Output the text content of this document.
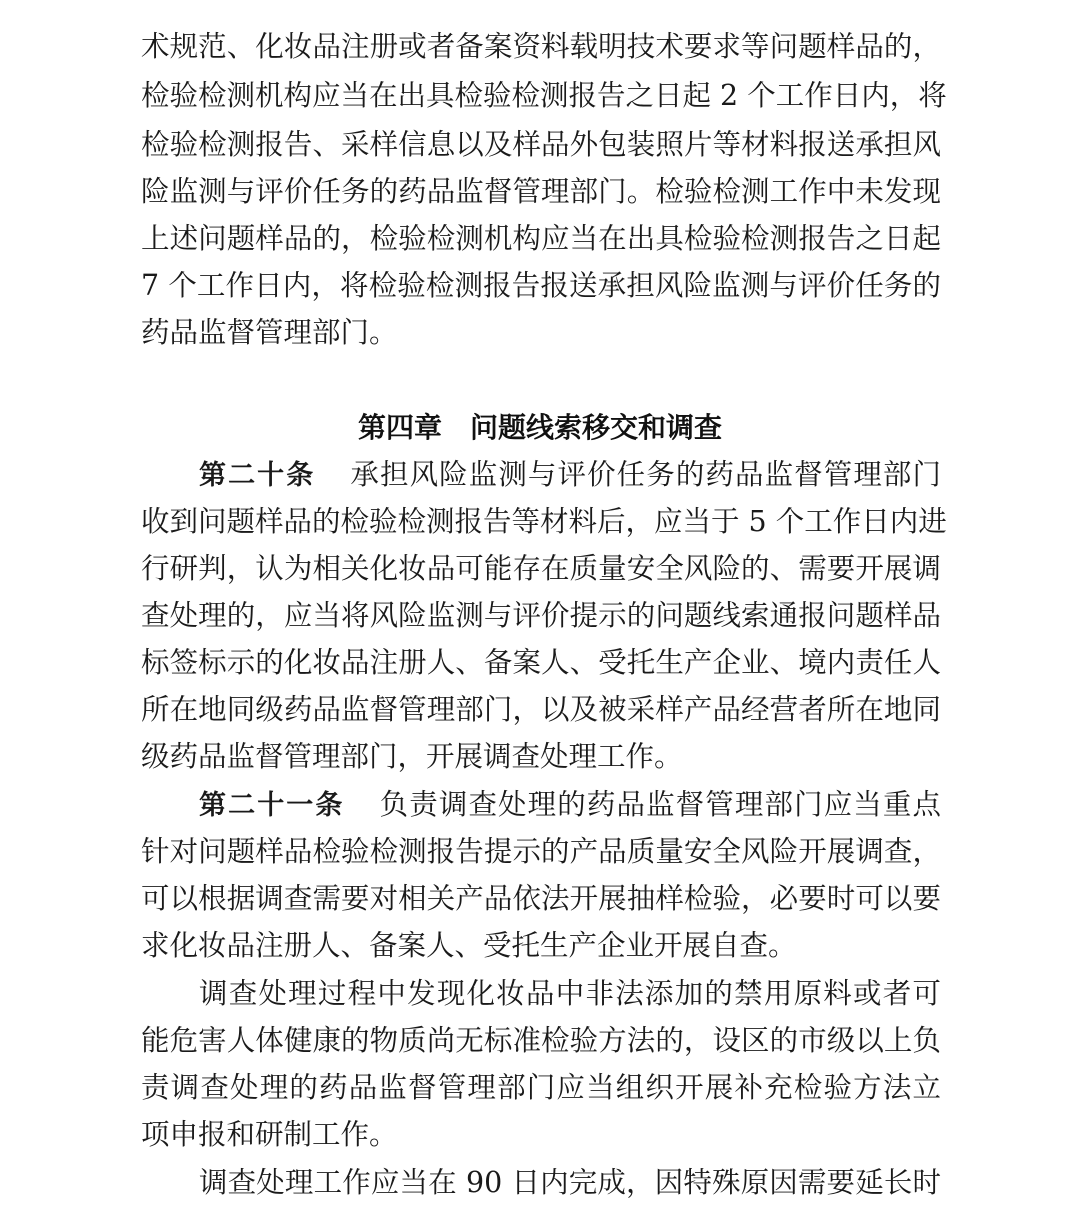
术规范、化妆品注册或者备案资料载明技术要求等问题样品的，
检验检测机构应当在出具检验检测报告之日起 2 个工作日内，将
检验检测报告、采样信息以及样品外包装照片等材料报送承担风
险监测与评价任务的药品监督管理部门。检验检测工作中未发现
上述问题样品的，检验检测机构应当在出具检验检测报告之日起
7 个工作日内，将检验检测报告报送承担风险监测与评价任务的
药品监督管理部门。
第四章　问题线索移交和调查
第二十条 承担风险监测与评价任务的药品监督管理部门
收到问题样品的检验检测报告等材料后，应当于 5 个工作日内进
行研判，认为相关化妆品可能存在质量安全风险的、需要开展调
查处理的，应当将风险监测与评价提示的问题线索通报问题样品
标签标示的化妆品注册人、备案人、受托生产企业、境内责任人
所在地同级药品监督管理部门，以及被采样产品经营者所在地同
级药品监督管理部门，开展调查处理工作。
第二十一条 负责调查处理的药品监督管理部门应当重点
针对问题样品检验检测报告提示的产品质量安全风险开展调查，
可以根据调查需要对相关产品依法开展抽样检验，必要时可以要
求化妆品注册人、备案人、受托生产企业开展自查。
调查处理过程中发现化妆品中非法添加的禁用原料或者可
能危害人体健康的物质尚无标准检验方法的，设区的市级以上负
责调查处理的药品监督管理部门应当组织开展补充检验方法立
项申报和研制工作。
调查处理工作应当在 90 日内完成，因特殊原因需要延长时
